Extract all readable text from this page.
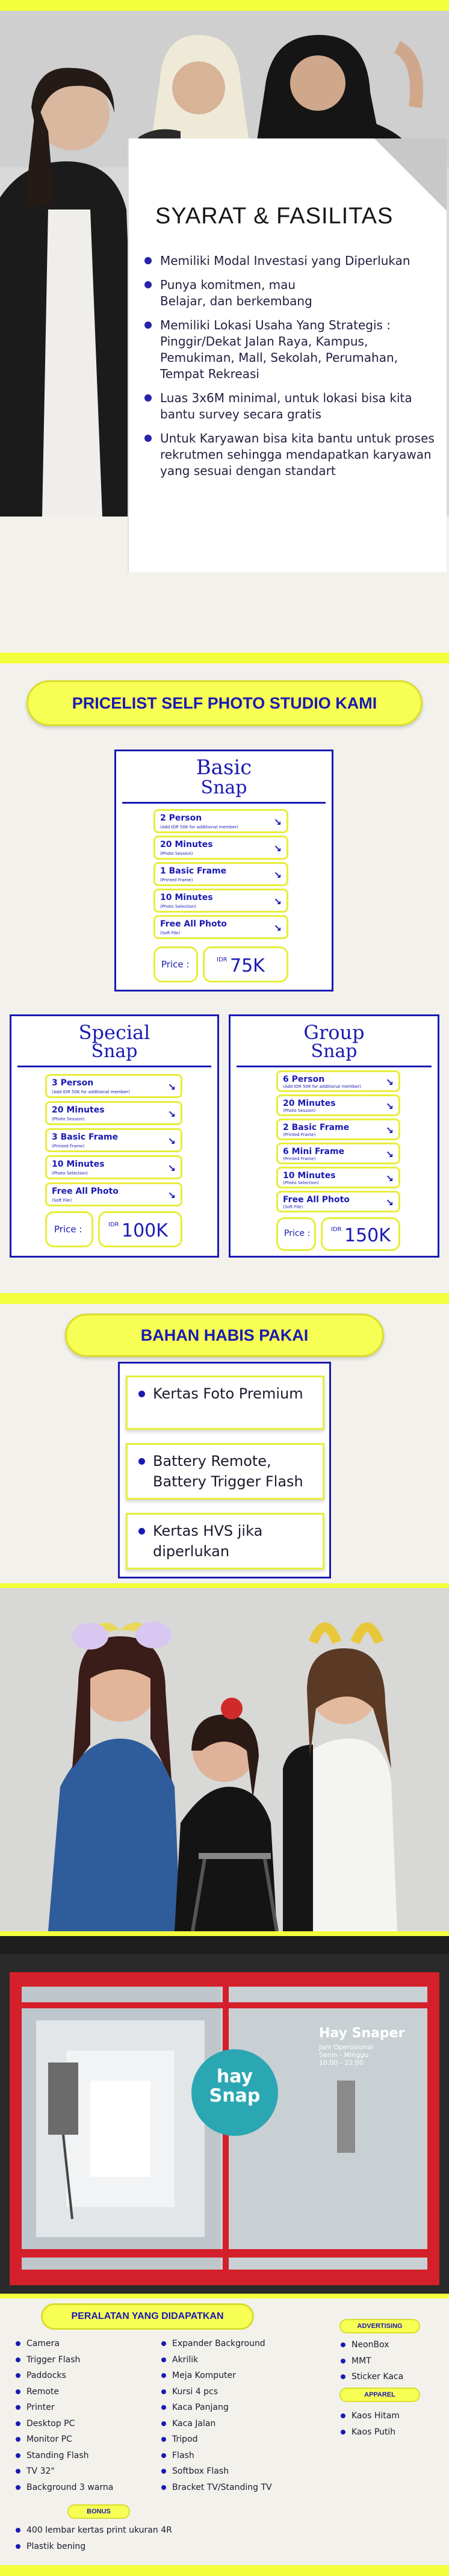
SYARAT & FASILITAS
Memiliki Modal Investasi yang Diperlukan
Punya komitmen, mau Belajar, dan berkembang
Memiliki Lokasi Usaha Yang Strategis : Pinggir/Dekat Jalan Raya, Kampus, Pemukiman, Mall, Sekolah, Perumahan, Tempat Rekreasi
Luas 3x6M minimal, untuk lokasi bisa kita bantu survey secara gratis
Untuk Karyawan bisa kita bantu untuk proses rekrutmen sehingga mendapatkan karyawan yang sesuai dengan standart
PRICELIST SELF PHOTO STUDIO KAMI
Basic
Snap
2 Person
(Add IDR 50K for additional member)	↘
20 Minutes
(Photo Session)	↘
1 Basic Frame
(Printed Frame)	↘
10 Minutes
(Photo Selection)	↘
Free All Photo
(Soft File)	↘
Price :	IDR 75K
Special
Snap
3 Person
(Add IDR 50K for additional member)	↘
20 Minutes
(Photo Session)	↘
3 Basic Frame
(Printed Frame)	↘
10 Minutes
(Photo Selection)	↘
Free All Photo
(Soft File)	↘
Price :	IDR 100K
Group
Snap
6 Person
(Add IDR 50K for additional member)	↘
20 Minutes
(Photo Session)	↘
2 Basic Frame
(Printed Frame)	↘
6 Mini Frame
(Printed Frame)	↘
10 Minutes
(Photo Selection)	↘
Free All Photo
(Soft File)	↘
Price :	IDR 150K
BAHAN HABIS PAKAI
Kertas Foto Premium
Battery Remote, Battery Trigger Flash
Kertas HVS jika diperlukan
hay
Snap
Hay Snaper
Jam Operasional
Senin - Minggu
10.00 - 22.00
PERALATAN YANG DIDAPATKAN
Camera
Trigger Flash
Paddocks
Remote
Printer
Desktop PC
Monitor PC
Standing Flash
TV 32"
Background 3 warna
Expander Background
Akrilik
Meja Komputer
Kursi 4 pcs
Kaca Panjang
Kaca Jalan
Tripod
Flash
Softbox Flash
Bracket TV/Standing TV
ADVERTISING
NeonBox
MMT
Sticker Kaca
APPAREL
Kaos Hitam
Kaos Putih
BONUS
400 lembar kertas print ukuran 4R
Plastik bening
